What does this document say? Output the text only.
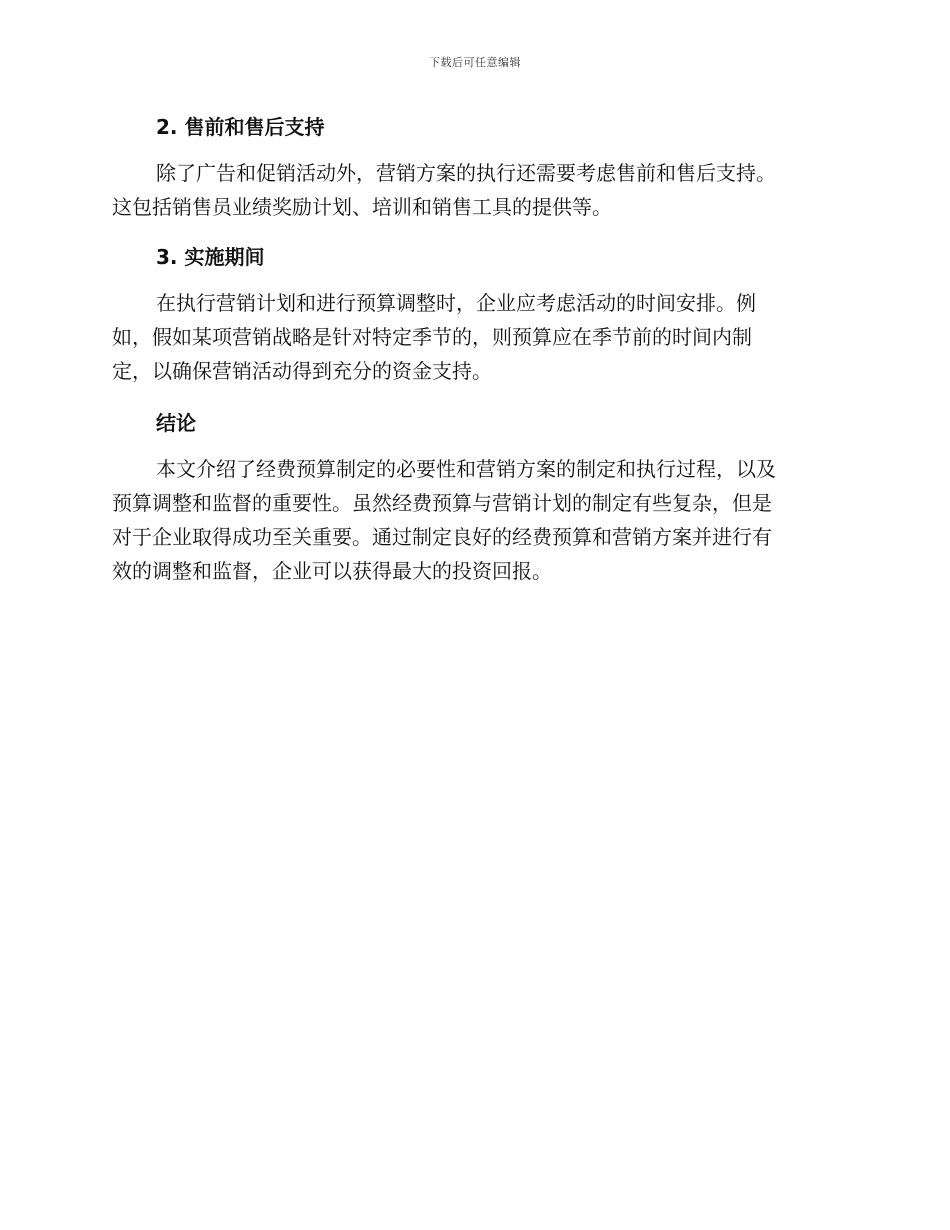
下载后可任意编辑
2. 售前和售后支持
除了广告和促销活动外，营销方案的执行还需要考虑售前和售后支持。
这包括销售员业绩奖励计划、培训和销售工具的提供等。
3. 实施期间
在执行营销计划和进行预算调整时，企业应考虑活动的时间安排。例
如，假如某项营销战略是针对特定季节的，则预算应在季节前的时间内制
定，以确保营销活动得到充分的资金支持。
结论
本文介绍了经费预算制定的必要性和营销方案的制定和执行过程，以及
预算调整和监督的重要性。虽然经费预算与营销计划的制定有些复杂，但是
对于企业取得成功至关重要。通过制定良好的经费预算和营销方案并进行有
效的调整和监督，企业可以获得最大的投资回报。
